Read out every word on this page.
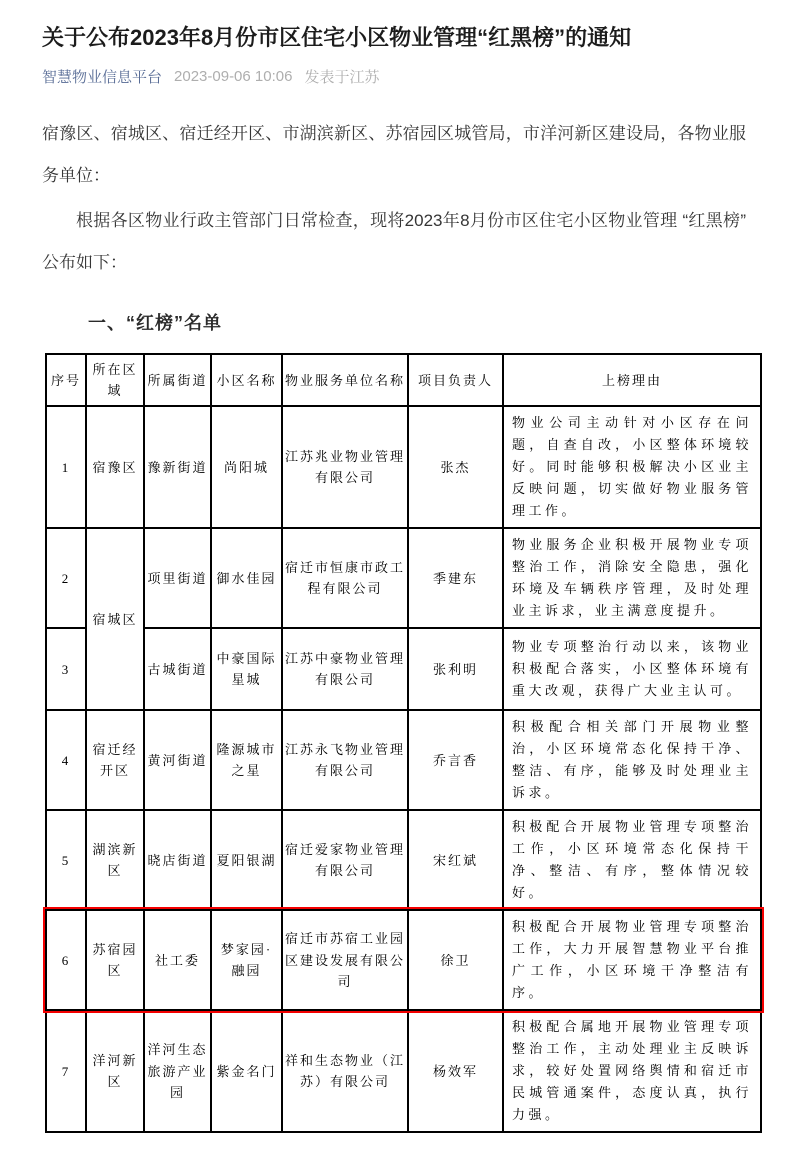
关于公布2023年8月份市区住宅小区物业管理“红黑榜”的通知
智慧物业信息平台 2023-09-06 10:06 发表于江苏

宿豫区、宿城区、宿迁经开区、市湖滨新区、苏宿园区城管局，市洋河新区建设局，各物业服务单位：

根据各区物业行政主管部门日常检查，现将2023年8月份市区住宅小区物业管理 “红黑榜” 公布如下：

一、“红榜”名单
序号	所在区域	所属街道	小区名称	物业服务单位名称	项目负责人	上榜理由
1	宿豫区	豫新街道	尚阳城	江苏兆业物业管理有限公司	张杰	物业公司主动针对小区存在问题，自查自改，小区整体环境较好。同时能够积极解决小区业主反映问题，切实做好物业服务管理工作。
2	宿城区	项里街道	御水佳园	宿迁市恒康市政工程有限公司	季建东	物业服务企业积极开展物业专项整治工作，消除安全隐患，强化环境及车辆秩序管理，及时处理业主诉求，业主满意度提升。
3		古城街道	中豪国际星城	江苏中豪物业管理有限公司	张利明	物业专项整治行动以来，该物业积极配合落实，小区整体环境有重大改观，获得广大业主认可。
4	宿迁经开区	黄河街道	隆源城市之星	江苏永飞物业管理有限公司	乔言香	积极配合相关部门开展物业整治，小区环境常态化保持干净、整洁、有序，能够及时处理业主诉求。
5	湖滨新区	晓店街道	夏阳银湖	宿迁爱家物业管理有限公司	宋红斌	积极配合开展物业管理专项整治工作，小区环境常态化保持干净、整洁、有序，整体情况较好。
6	苏宿园区	社工委	梦家园·融园	宿迁市苏宿工业园区建设发展有限公司	徐卫	积极配合开展物业管理专项整治工作，大力开展智慧物业平台推广工作，小区环境干净整洁有序。
7	洋河新区	洋河生态旅游产业园	紫金名门	祥和生态物业（江苏）有限公司	杨效军	积极配合属地开展物业管理专项整治工作，主动处理业主反映诉求，较好处置网络舆情和宿迁市民城管通案件，态度认真，执行力强。
